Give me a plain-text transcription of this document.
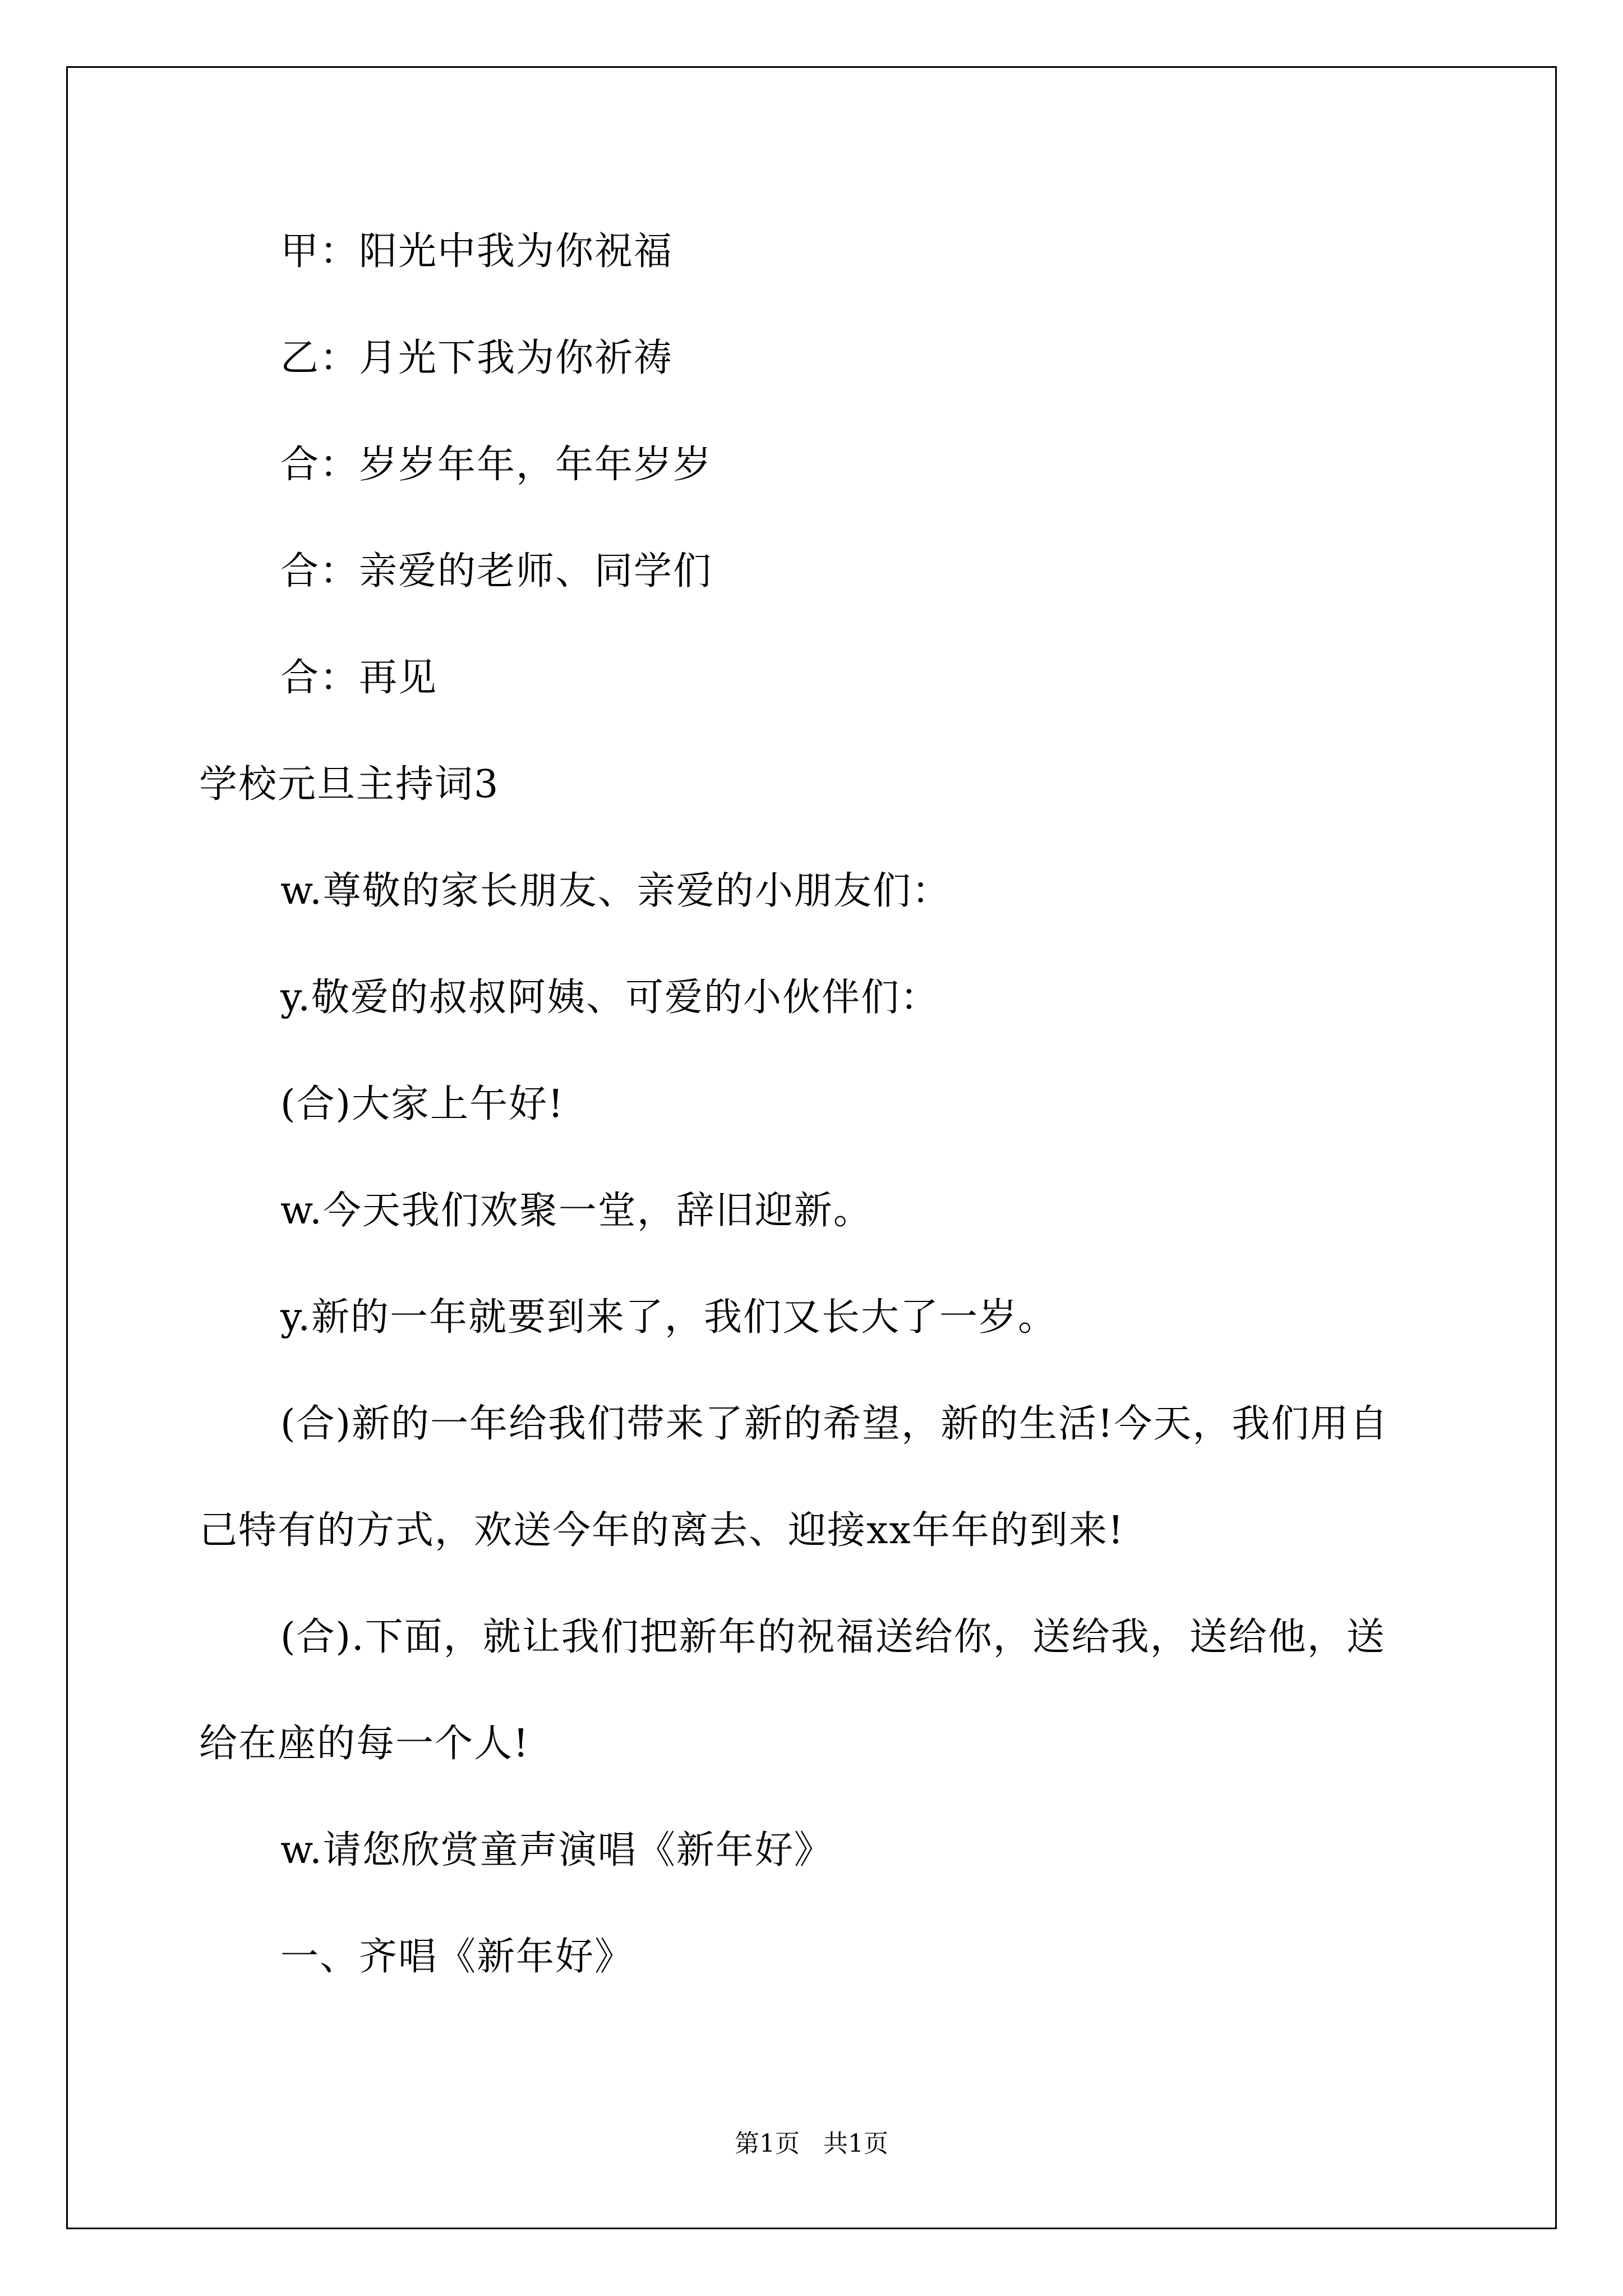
甲：阳光中我为你祝福
乙：月光下我为你祈祷
合：岁岁年年，年年岁岁
合：亲爱的老师、同学们
合：再见
学校元旦主持词3
w.尊敬的家长朋友、亲爱的小朋友们：
y.敬爱的叔叔阿姨、可爱的小伙伴们：
(合)大家上午好!
w.今天我们欢聚一堂，辞旧迎新。
y.新的一年就要到来了，我们又长大了一岁。
(合)新的一年给我们带来了新的希望，新的生活!今天，我们用自
己特有的方式，欢送今年的离去、迎接xx年年的到来!
(合).下面，就让我们把新年的祝福送给你，送给我，送给他，送
给在座的每一个人!
w.请您欣赏童声演唱《新年好》
一、齐唱《新年好》
第1页   共1页
